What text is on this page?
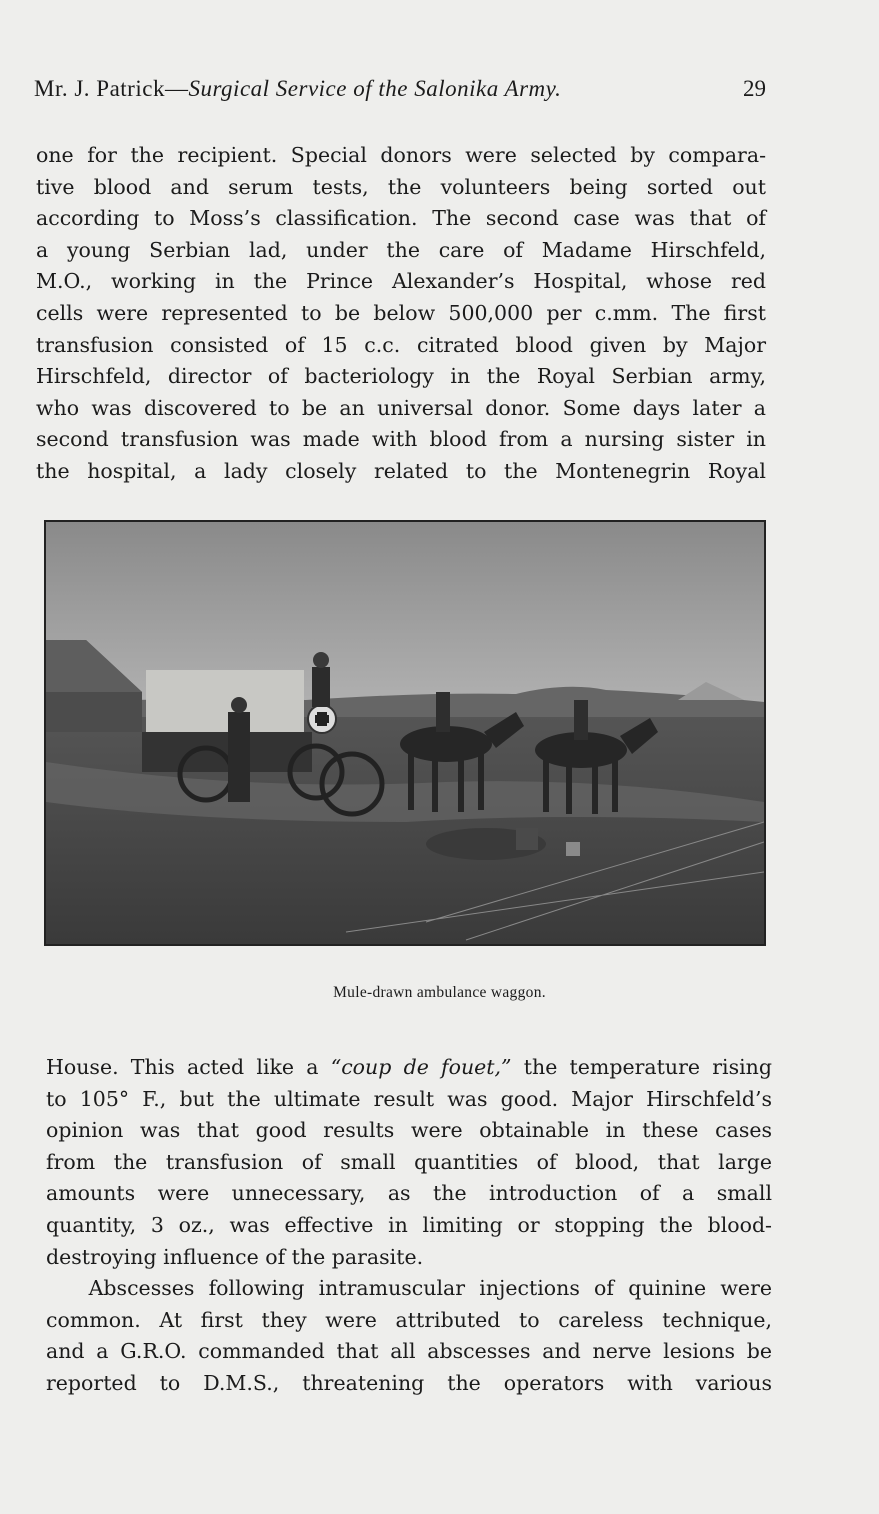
Mr. J. Patrick—Surgical Service of the Salonika Army.	29
one for the recipient. Special donors were selected by compara-
tive blood and serum tests, the volunteers being sorted out
according to Moss’s classification. The second case was that of
a young Serbian lad, under the care of Madame Hirschfeld,
M.O., working in the Prince Alexander’s Hospital, whose red
cells were represented to be below 500,000 per c.mm. The first
transfusion consisted of 15 c.c. citrated blood given by Major
Hirschfeld, director of bacteriology in the Royal Serbian army,
who was discovered to be an universal donor. Some days later a
second transfusion was made with blood from a nursing sister in
the hospital, a lady closely related to the Montenegrin Royal
Mule-drawn ambulance waggon.
House. This acted like a “coup de fouet,” the temperature rising
to 105° F., but the ultimate result was good. Major Hirschfeld’s
opinion was that good results were obtainable in these cases
from the transfusion of small quantities of blood, that large
amounts were unnecessary, as the introduction of a small
quantity, 3 oz., was effective in limiting or stopping the blood-
destroying influence of the parasite.
Abscesses following intramuscular injections of quinine were
common. At first they were attributed to careless technique,
and a G.R.O. commanded that all abscesses and nerve lesions be
reported to D.M.S., threatening the operators with various
